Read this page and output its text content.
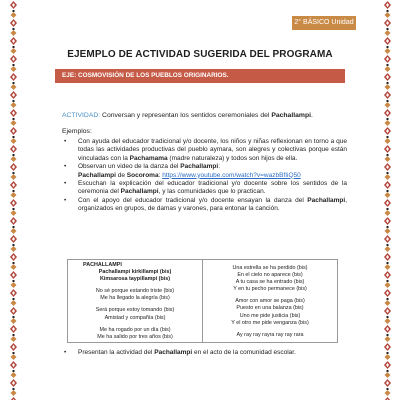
2° BÁSICO Unidad 4
EJEMPLO DE ACTIVIDAD SUGERIDA DEL PROGRAMA
EJE: COSMOVISIÓN DE LOS PUEBLOS ORIGINARIOS.
ACTIVIDAD: Conversan y representan los sentidos ceremoniales del Pachallampi.
Ejemplos:
• Con ayuda del educador tradicional y/o docente, los niños y niñas reflexionan en torno a que todas las actividades productivas del pueblo aymara, son alegres y colectivas porque están vinculadas con la Pachamama (madre naturaleza) y todos son hijos de ella.
• Observan un video de la danza del Pachallampi:
Pachallampi de Socoroma: https://www.youtube.com/watch?v=wazbBfIiQ50
• Escuchan la explicación del educador tradicional y/o docente sobre los sentidos de la ceremonia del Pachallampi, y las comunidades que lo practican.
• Con el apoyo del educador tradicional y/o docente ensayan la danza del Pachallampi, organizados en grupos, de damas y varones, para entonar la canción.
PACHALLAMPI
Pachallampi kirkillampi (bis)
Kimsarosa taypillampi (bis)
No sé porque estando triste (bis)
Me ha llegado la alegría (bis)
Será porque estoy tomando (bis)
Amistad y compañía (bis)
Me ha rogado por un día (bis)
Me ha salido por tres años (bis)
Una estrella se ha perdido (bis)
En el cielo no aparece (bis)
A tu casa se ha entrado (bis)
Y en tu pecho permanece (bis)
Amor con amor se paga (bis)
Puesto en una balanza (bis)
Uno me pide justicia (bis)
Y el otro me pide venganza (bis)
Ay ray ray rayra ray ray rara
• Presentan la actividad del Pachallampi en el acto de la comunidad escolar.
